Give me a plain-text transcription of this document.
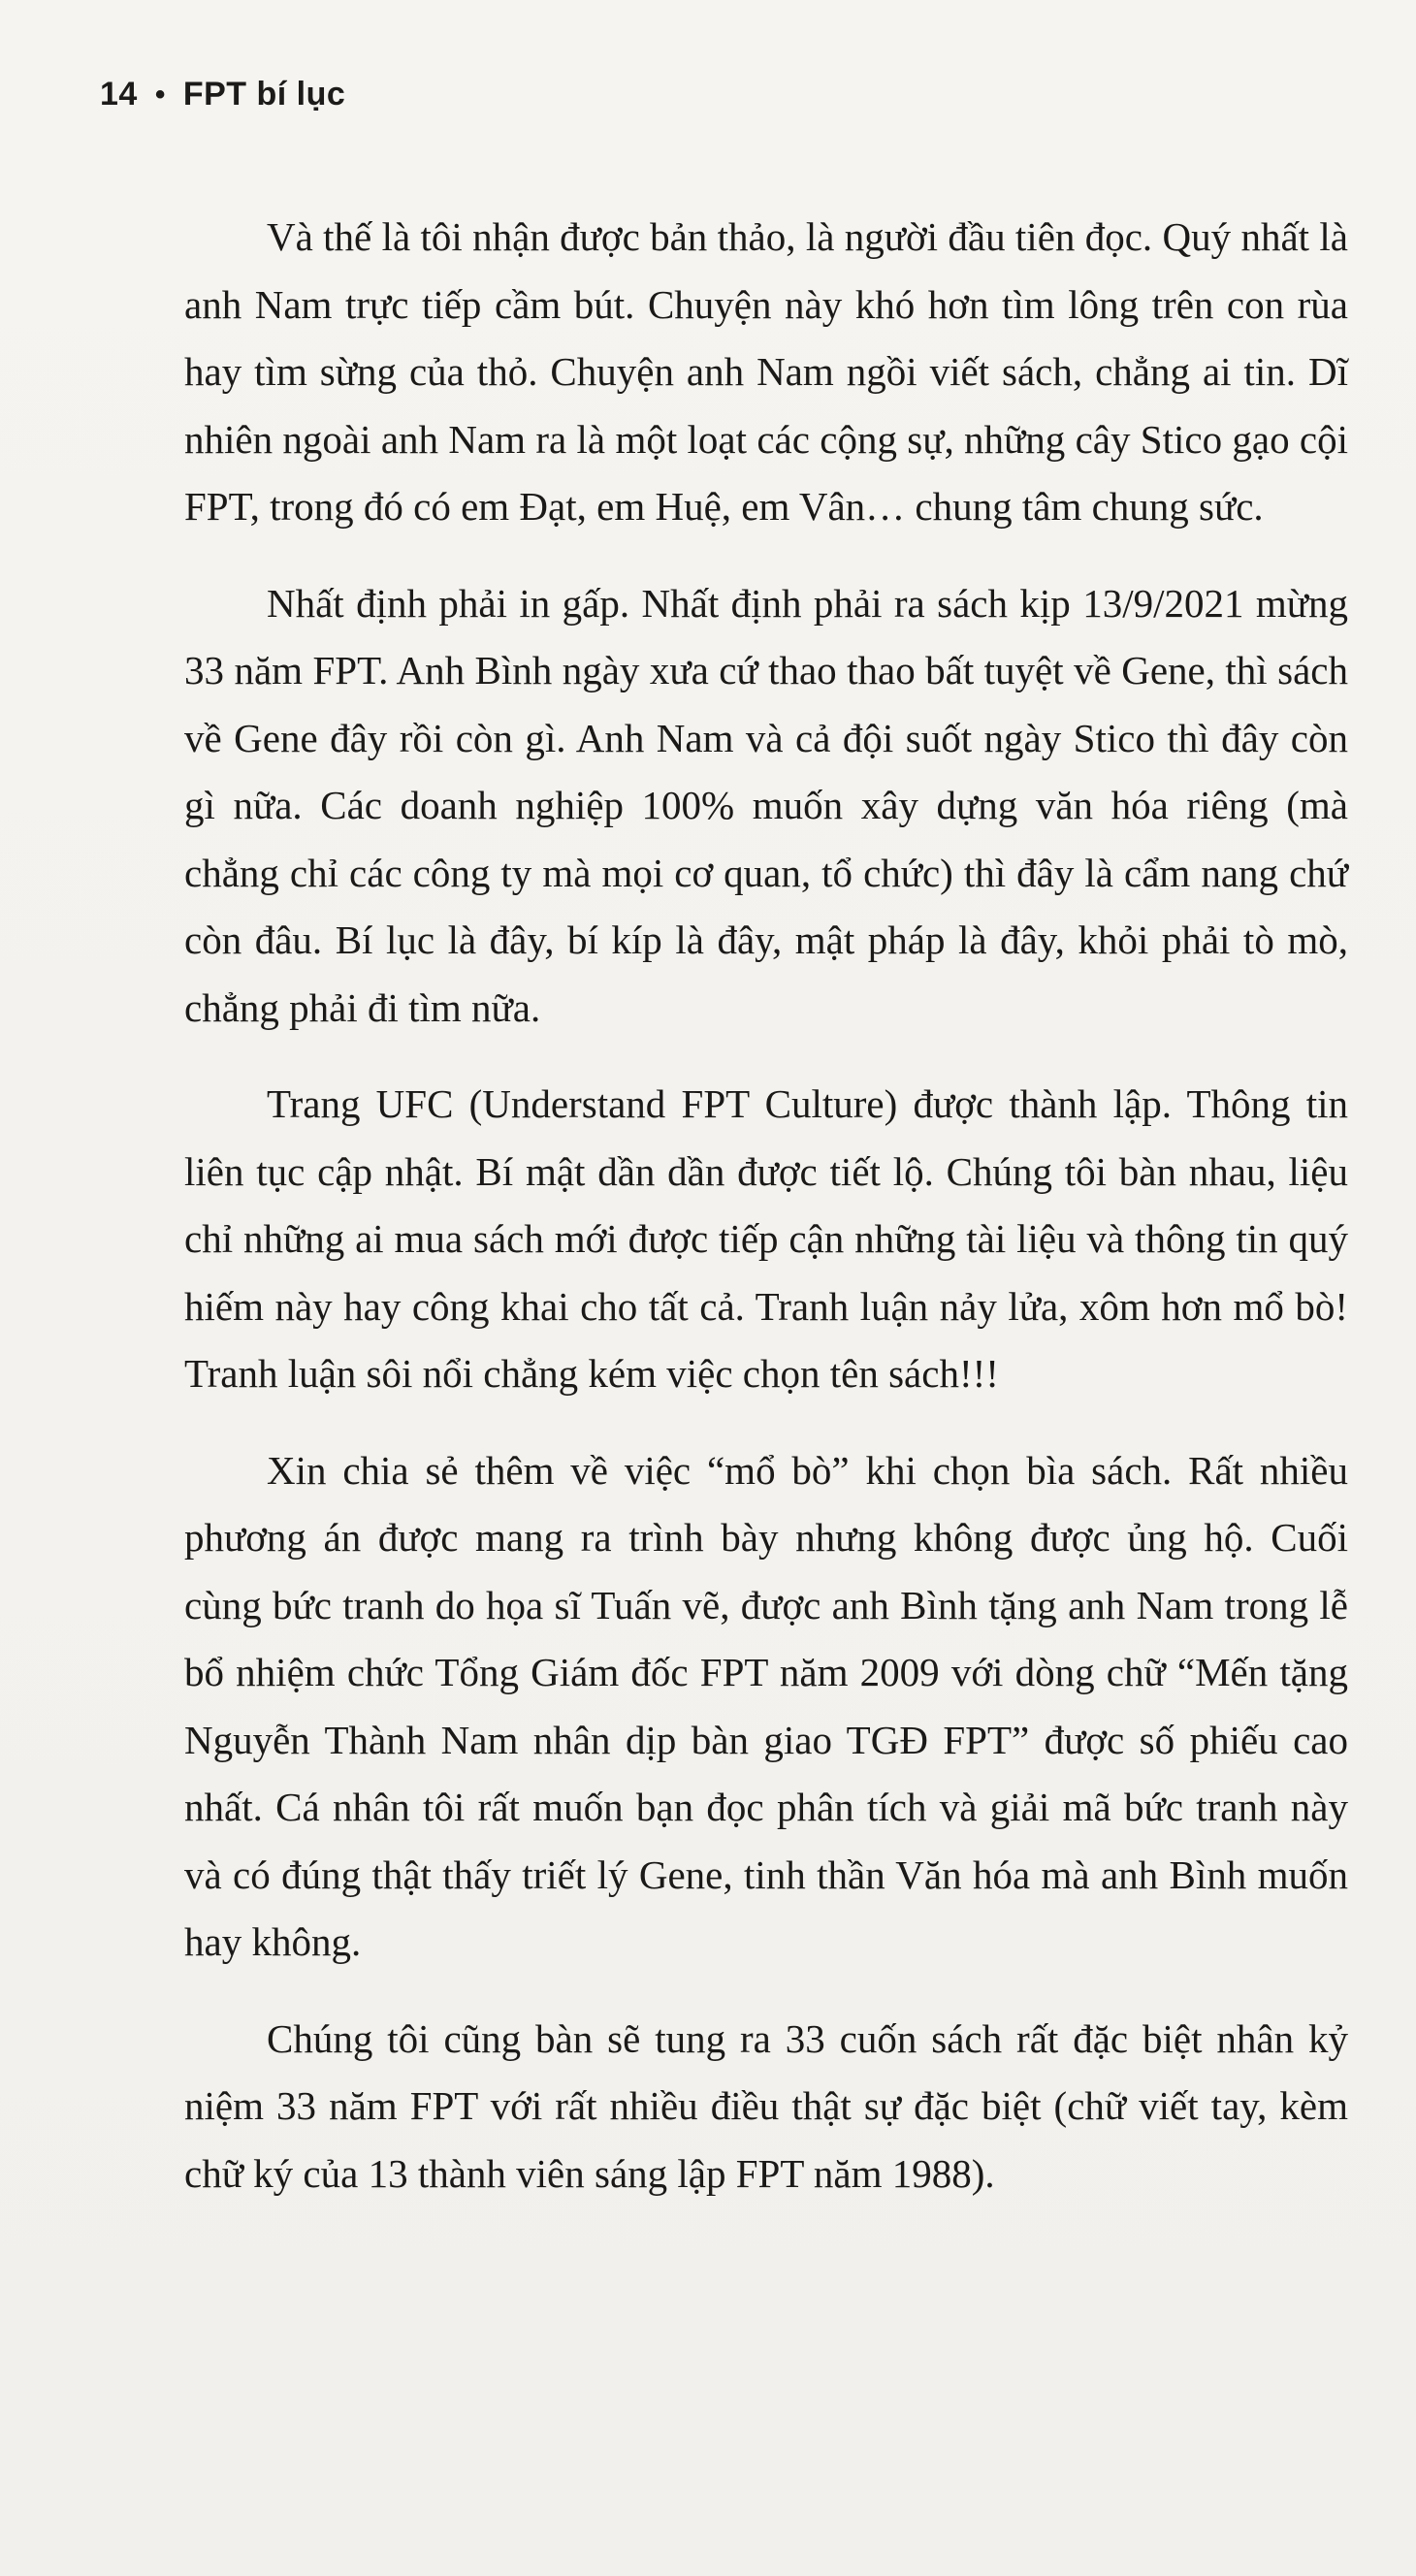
14 • FPT bí lục

Và thế là tôi nhận được bản thảo, là người đầu tiên đọc. Quý nhất là anh Nam trực tiếp cầm bút. Chuyện này khó hơn tìm lông trên con rùa hay tìm sừng của thỏ. Chuyện anh Nam ngồi viết sách, chẳng ai tin. Dĩ nhiên ngoài anh Nam ra là một loạt các cộng sự, những cây Stico gạo cội FPT, trong đó có em Đạt, em Huệ, em Vân… chung tâm chung sức.

Nhất định phải in gấp. Nhất định phải ra sách kịp 13/9/2021 mừng 33 năm FPT. Anh Bình ngày xưa cứ thao thao bất tuyệt về Gene, thì sách về Gene đây rồi còn gì. Anh Nam và cả đội suốt ngày Stico thì đây còn gì nữa. Các doanh nghiệp 100% muốn xây dựng văn hóa riêng (mà chẳng chỉ các công ty mà mọi cơ quan, tổ chức) thì đây là cẩm nang chứ còn đâu. Bí lục là đây, bí kíp là đây, mật pháp là đây, khỏi phải tò mò, chẳng phải đi tìm nữa.

Trang UFC (Understand FPT Culture) được thành lập. Thông tin liên tục cập nhật. Bí mật dần dần được tiết lộ. Chúng tôi bàn nhau, liệu chỉ những ai mua sách mới được tiếp cận những tài liệu và thông tin quý hiếm này hay công khai cho tất cả. Tranh luận nảy lửa, xôm hơn mổ bò! Tranh luận sôi nổi chẳng kém việc chọn tên sách!!!

Xin chia sẻ thêm về việc “mổ bò” khi chọn bìa sách. Rất nhiều phương án được mang ra trình bày nhưng không được ủng hộ. Cuối cùng bức tranh do họa sĩ Tuấn vẽ, được anh Bình tặng anh Nam trong lễ bổ nhiệm chức Tổng Giám đốc FPT năm 2009 với dòng chữ “Mến tặng Nguyễn Thành Nam nhân dịp bàn giao TGĐ FPT” được số phiếu cao nhất. Cá nhân tôi rất muốn bạn đọc phân tích và giải mã bức tranh này và có đúng thật thấy triết lý Gene, tinh thần Văn hóa mà anh Bình muốn hay không.

Chúng tôi cũng bàn sẽ tung ra 33 cuốn sách rất đặc biệt nhân kỷ niệm 33 năm FPT với rất nhiều điều thật sự đặc biệt (chữ viết tay, kèm chữ ký của 13 thành viên sáng lập FPT năm 1988).
